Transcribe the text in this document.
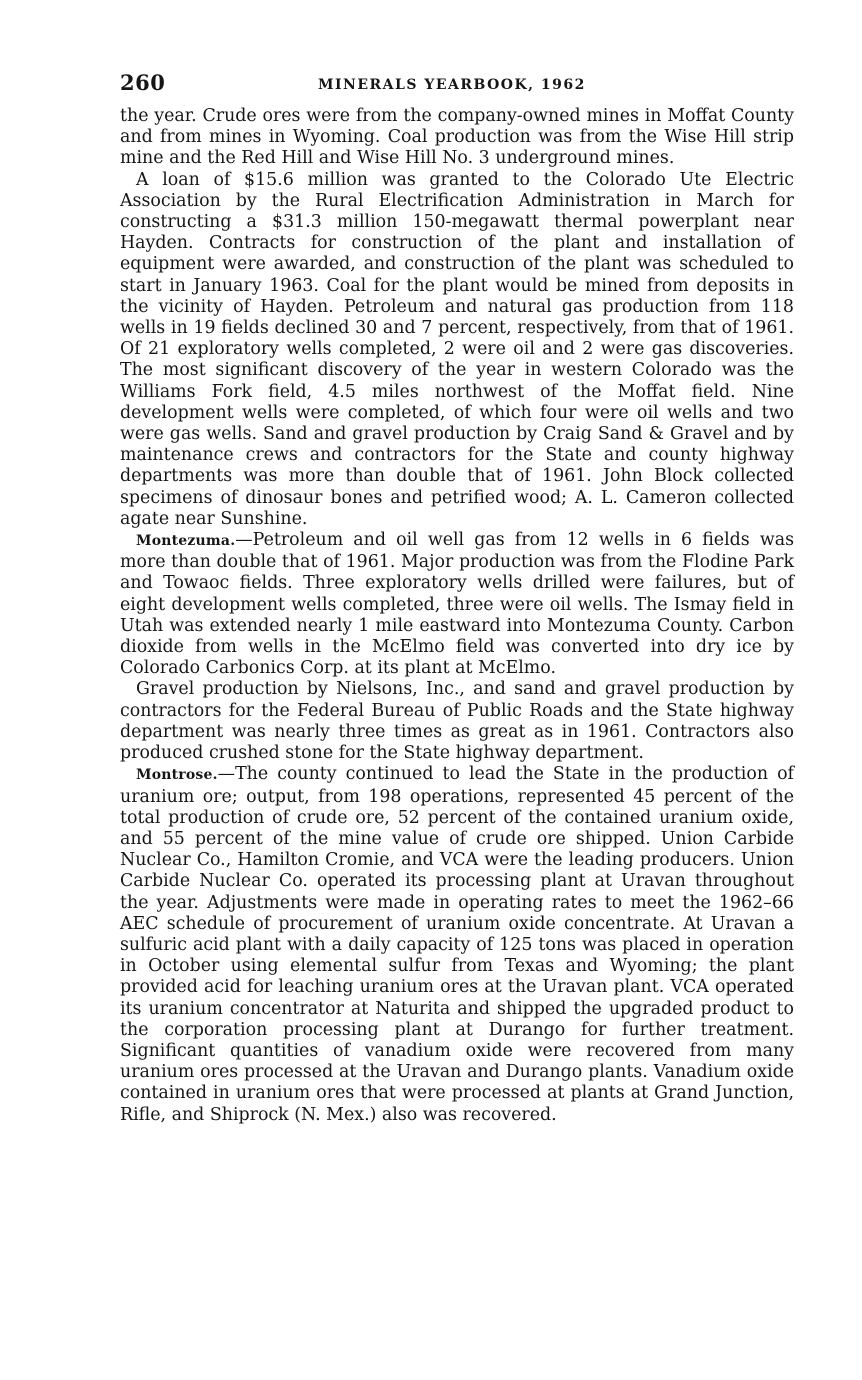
260	MINERALS YEARBOOK, 1962

the year. Crude ores were from the company-owned mines in Moffat County and from mines in Wyoming. Coal production was from the Wise Hill strip mine and the Red Hill and Wise Hill No. 3 underground mines.

A loan of $15.6 million was granted to the Colorado Ute Electric Association by the Rural Electrification Administration in March for constructing a $31.3 million 150-megawatt thermal powerplant near Hayden. Contracts for construction of the plant and installation of equipment were awarded, and construction of the plant was scheduled to start in January 1963. Coal for the plant would be mined from deposits in the vicinity of Hayden. Petroleum and natural gas production from 118 wells in 19 fields declined 30 and 7 percent, respectively, from that of 1961. Of 21 exploratory wells completed, 2 were oil and 2 were gas discoveries. The most significant discovery of the year in western Colorado was the Williams Fork field, 4.5 miles northwest of the Moffat field. Nine development wells were completed, of which four were oil wells and two were gas wells. Sand and gravel production by Craig Sand & Gravel and by maintenance crews and contractors for the State and county highway departments was more than double that of 1961. John Block collected specimens of dinosaur bones and petrified wood; A. L. Cameron collected agate near Sunshine.

Montezuma.—Petroleum and oil well gas from 12 wells in 6 fields was more than double that of 1961. Major production was from the Flodine Park and Towaoc fields. Three exploratory wells drilled were failures, but of eight development wells completed, three were oil wells. The Ismay field in Utah was extended nearly 1 mile eastward into Montezuma County. Carbon dioxide from wells in the McElmo field was converted into dry ice by Colorado Carbonics Corp. at its plant at McElmo.

Gravel production by Nielsons, Inc., and sand and gravel production by contractors for the Federal Bureau of Public Roads and the State highway department was nearly three times as great as in 1961. Contractors also produced crushed stone for the State highway department.

Montrose.—The county continued to lead the State in the production of uranium ore; output, from 198 operations, represented 45 percent of the total production of crude ore, 52 percent of the contained uranium oxide, and 55 percent of the mine value of crude ore shipped. Union Carbide Nuclear Co., Hamilton Cromie, and VCA were the leading producers. Union Carbide Nuclear Co. operated its processing plant at Uravan throughout the year. Adjustments were made in operating rates to meet the 1962–66 AEC schedule of procurement of uranium oxide concentrate. At Uravan a sulfuric acid plant with a daily capacity of 125 tons was placed in operation in October using elemental sulfur from Texas and Wyoming; the plant provided acid for leaching uranium ores at the Uravan plant. VCA operated its uranium concentrator at Naturita and shipped the upgraded product to the corporation processing plant at Durango for further treatment. Significant quantities of vanadium oxide were recovered from many uranium ores processed at the Uravan and Durango plants. Vanadium oxide contained in uranium ores that were processed at plants at Grand Junction, Rifle, and Shiprock (N. Mex.) also was recovered.
